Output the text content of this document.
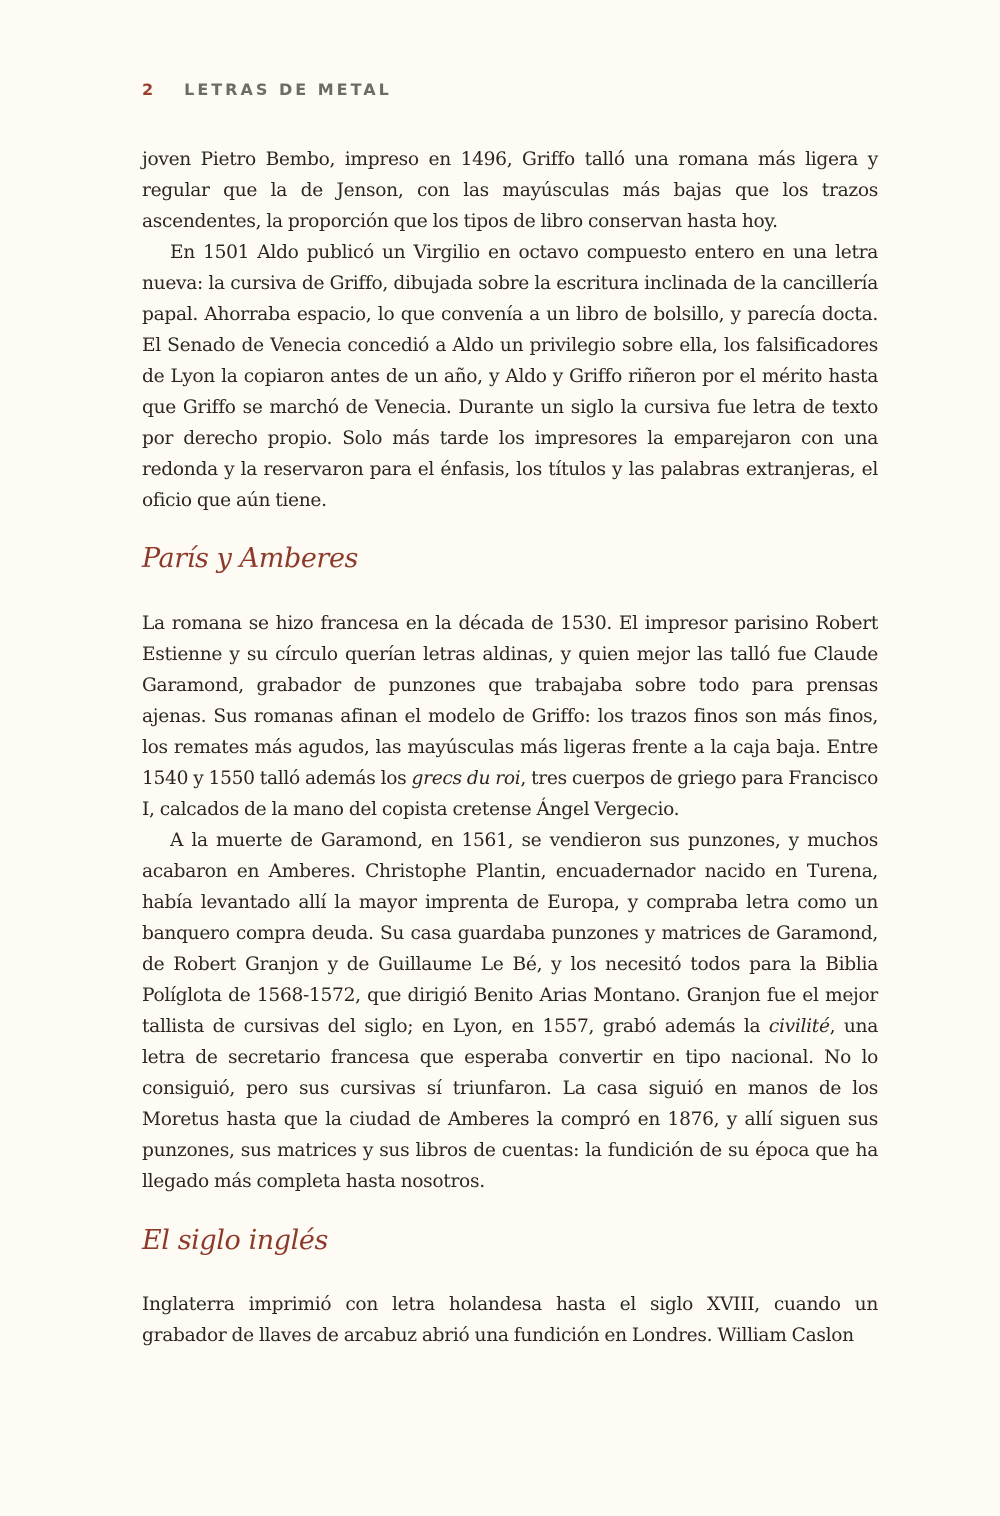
2 LETRAS DE METAL

joven Pietro Bembo, impreso en 1496, Griffo talló una romana más ligera y regular que la de Jenson, con las mayúsculas más bajas que los trazos ascendentes, la proporción que los tipos de libro conservan hasta hoy.

En 1501 Aldo publicó un Virgilio en octavo compuesto entero en una letra nueva: la cursiva de Griffo, dibujada sobre la escritura inclinada de la cancillería papal. Ahorraba espacio, lo que convenía a un libro de bolsillo, y parecía docta. El Senado de Venecia concedió a Aldo un privilegio sobre ella, los falsificadores de Lyon la copiaron antes de un año, y Aldo y Griffo riñeron por el mérito hasta que Griffo se marchó de Venecia. Durante un siglo la cursiva fue letra de texto por derecho propio. Solo más tarde los impresores la emparejaron con una redonda y la reservaron para el énfasis, los títulos y las palabras extranjeras, el oficio que aún tiene.

París y Amberes

La romana se hizo francesa en la década de 1530. El impresor parisino Robert Estienne y su círculo querían letras aldinas, y quien mejor las talló fue Claude Garamond, grabador de punzones que trabajaba sobre todo para prensas ajenas. Sus romanas afinan el modelo de Griffo: los trazos finos son más finos, los remates más agudos, las mayúsculas más ligeras frente a la caja baja. Entre 1540 y 1550 talló además los grecs du roi, tres cuerpos de griego para Francisco I, calcados de la mano del copista cretense Ángel Vergecio.

A la muerte de Garamond, en 1561, se vendieron sus punzones, y muchos acabaron en Amberes. Christophe Plantin, encuadernador nacido en Turena, había levantado allí la mayor imprenta de Europa, y compraba letra como un banquero compra deuda. Su casa guardaba punzones y matrices de Garamond, de Robert Granjon y de Guillaume Le Bé, y los necesitó todos para la Biblia Políglota de 1568-1572, que dirigió Benito Arias Montano. Granjon fue el mejor tallista de cursivas del siglo; en Lyon, en 1557, grabó además la civilité, una letra de secretario francesa que esperaba convertir en tipo nacional. No lo consiguió, pero sus cursivas sí triunfaron. La casa siguió en manos de los Moretus hasta que la ciudad de Amberes la compró en 1876, y allí siguen sus punzones, sus matrices y sus libros de cuentas: la fundición de su época que ha llegado más completa hasta nosotros.

El siglo inglés

Inglaterra imprimió con letra holandesa hasta el siglo XVIII, cuando un grabador de llaves de arcabuz abrió una fundición en Londres. William Caslon
